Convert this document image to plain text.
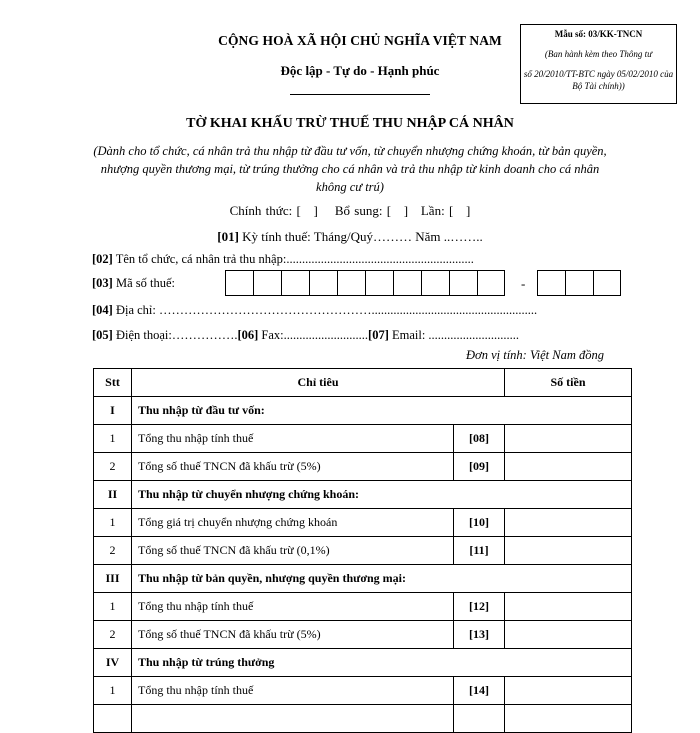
CỘNG HOÀ XÃ HỘI CHỦ NGHĨA VIỆT NAM
Độc lập - Tự do - Hạnh phúc
Mẫu số: 03/KK-TNCN
(Ban hành kèm theo Thông tư
số 20/2010/TT-BTC ngày 05/02/2010 của Bộ Tài chính))
TỜ KHAI KHẤU TRỪ THUẾ THU NHẬP CÁ NHÂN
(Dành cho tổ chức, cá nhân trả thu nhập từ đầu tư vốn, từ chuyển nhượng chứng khoán, từ bản quyền, nhượng quyền thương mại, từ trúng thưởng cho cá nhân và trả thu nhập từ kinh doanh cho cá nhân không cư trú)
Chính thức: [   ]    Bổ sung: [   ]   Lần: [   ]
[01] Kỳ tính thuế: Tháng/Quý……… Năm ..……..
[02] Tên tổ chức, cá nhân trả thu nhập:............................................................
[03] Mã số thuế:	-
[04] Địa chỉ: …………………………………………….....................................................
[05] Điện thoại:…………….[06] Fax:...........................[07] Email: .............................
Đơn vị tính: Việt Nam đồng
Stt	Chỉ tiêu		Số tiền
I	Thu nhập từ đầu tư vốn:		
1	Tổng thu nhập tính thuế	[08]	
2	Tổng số thuế TNCN đã khấu trừ (5%)	[09]	
II	Thu nhập từ chuyển nhượng chứng khoán:		
1	Tổng giá trị chuyển nhượng chứng khoán	[10]	
2	Tổng số thuế TNCN đã khấu trừ (0,1%)	[11]	
III	Thu nhập từ bản quyền, nhượng quyền thương mại:		
1	Tổng thu nhập tính thuế	[12]	
2	Tổng số thuế TNCN đã khấu trừ (5%)	[13]	
IV	Thu nhập từ trúng thưởng		
1	Tổng thu nhập tính thuế	[14]	
